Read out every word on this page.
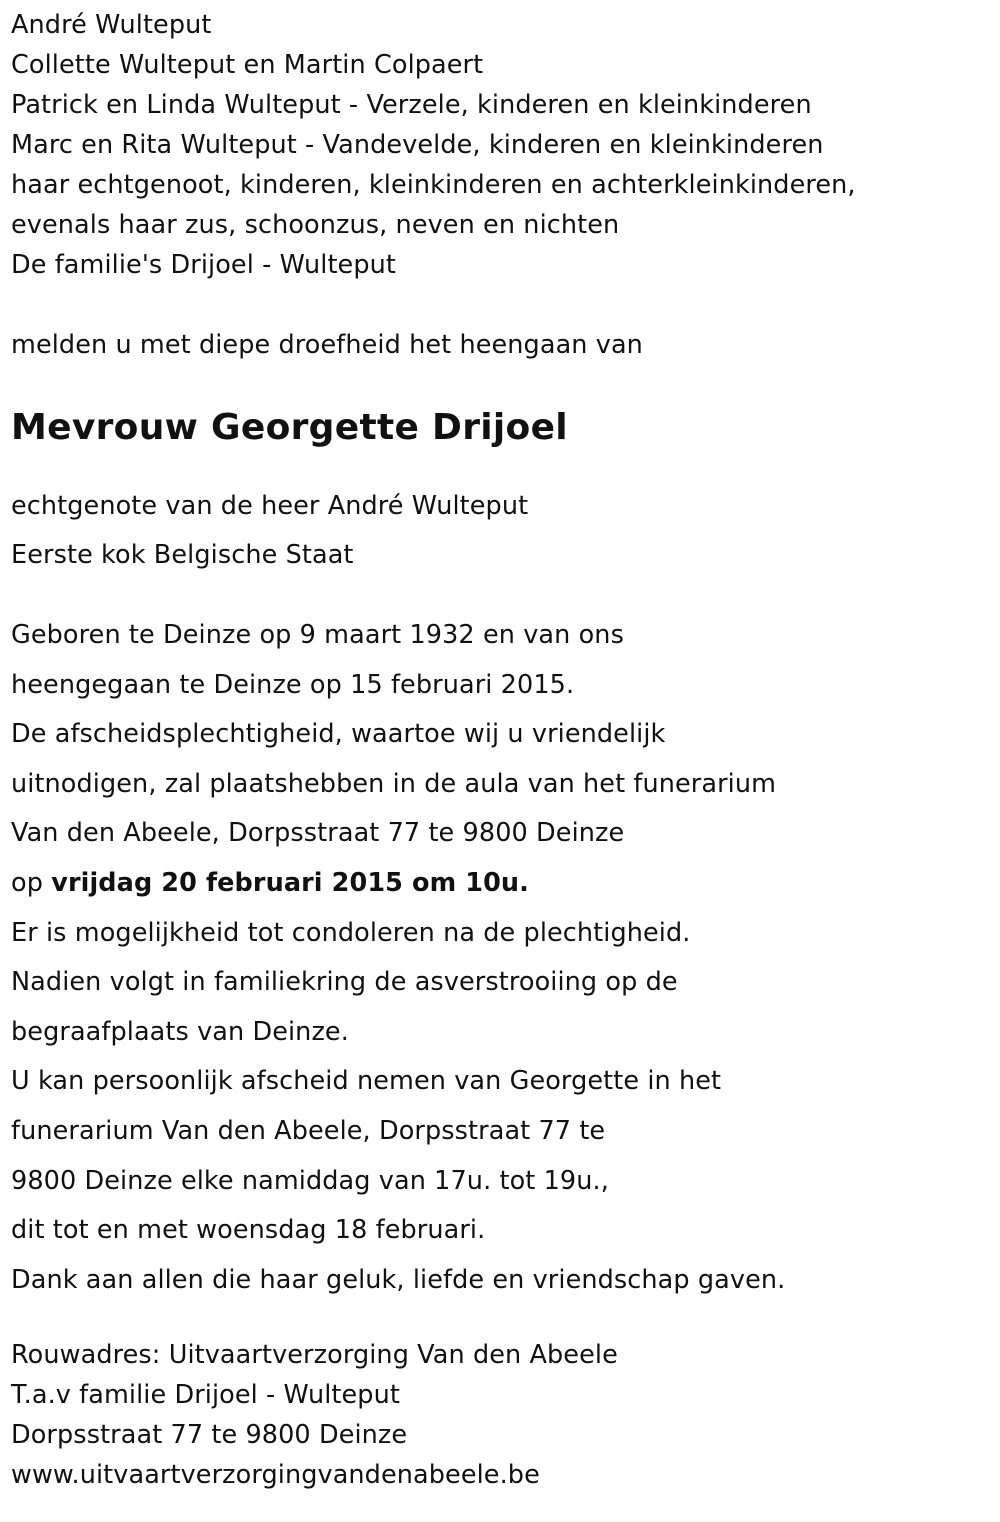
André Wulteput
Collette Wulteput en Martin Colpaert
Patrick en Linda Wulteput - Verzele, kinderen en kleinkinderen
Marc en Rita Wulteput - Vandevelde, kinderen en kleinkinderen
haar echtgenoot, kinderen, kleinkinderen en achterkleinkinderen,
evenals haar zus, schoonzus, neven en nichten
De familie's Drijoel - Wulteput
melden u met diepe droefheid het heengaan van
Mevrouw Georgette Drijoel
echtgenote van de heer André Wulteput
Eerste kok Belgische Staat
Geboren te Deinze op 9 maart 1932 en van ons
heengegaan te Deinze op 15 februari 2015.
De afscheidsplechtigheid, waartoe wij u vriendelijk
uitnodigen, zal plaatshebben in de aula van het funerarium
Van den Abeele, Dorpsstraat 77 te 9800 Deinze
op vrijdag 20 februari 2015 om 10u.
Er is mogelijkheid tot condoleren na de plechtigheid.
Nadien volgt in familiekring de asverstrooiing op de
begraafplaats van Deinze.
U kan persoonlijk afscheid nemen van Georgette in het
funerarium Van den Abeele, Dorpsstraat 77 te
9800 Deinze elke namiddag van 17u. tot 19u.,
dit tot en met woensdag 18 februari.
Dank aan allen die haar geluk, liefde en vriendschap gaven.
Rouwadres: Uitvaartverzorging Van den Abeele
T.a.v familie Drijoel - Wulteput
Dorpsstraat 77 te 9800 Deinze
www.uitvaartverzorgingvandenabeele.be
